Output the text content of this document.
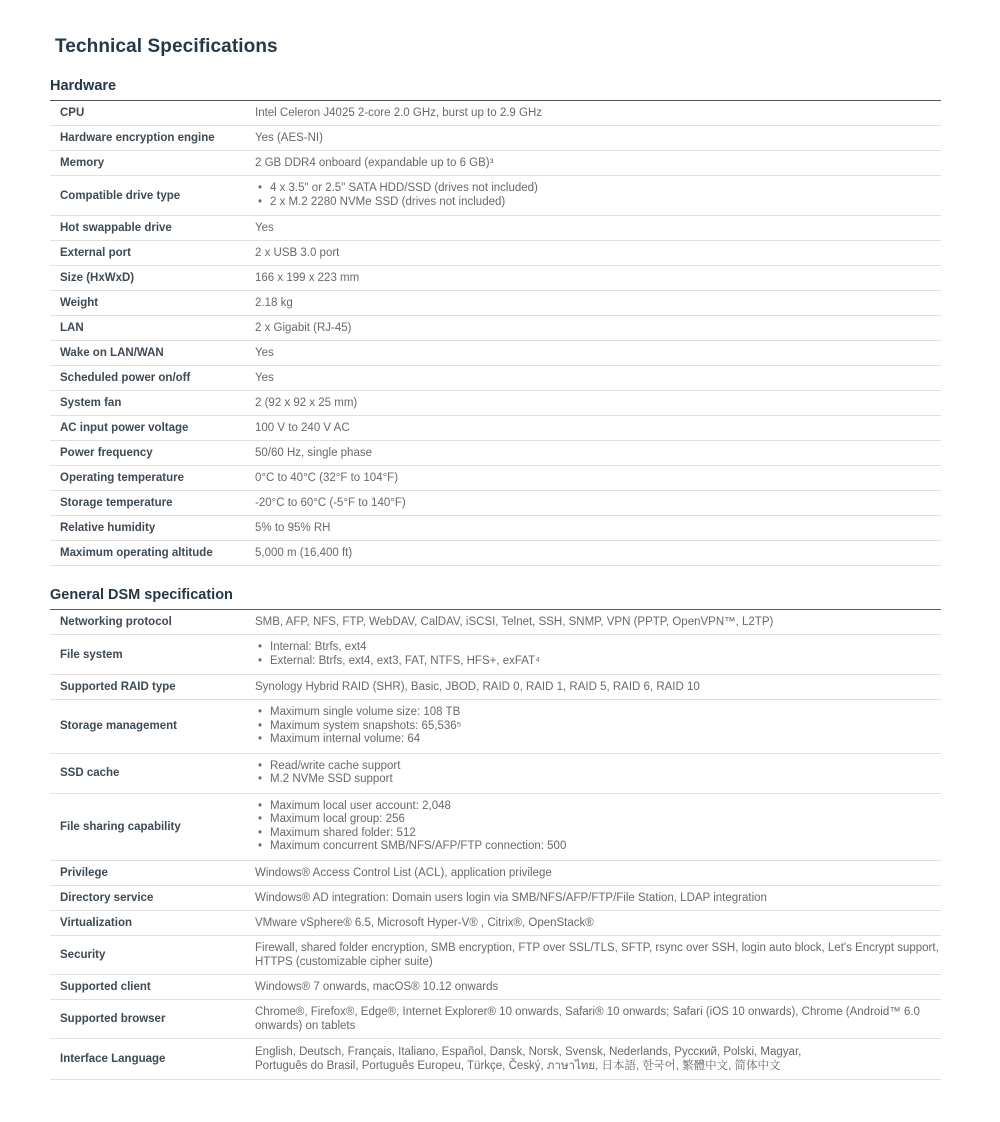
Technical Specifications
Hardware
CPU	Intel Celeron J4025 2-core 2.0 GHz, burst up to 2.9 GHz
Hardware encryption engine	Yes (AES-NI)
Memory	2 GB DDR4 onboard (expandable up to 6 GB)³
Compatible drive type	
• 4 x 3.5" or 2.5" SATA HDD/SSD (drives not included)
• 2 x M.2 2280 NVMe SSD (drives not included)

Hot swappable drive	Yes
External port	2 x USB 3.0 port
Size (HxWxD)	166 x 199 x 223 mm
Weight	2.18 kg
LAN	2 x Gigabit (RJ-45)
Wake on LAN/WAN	Yes
Scheduled power on/off	Yes
System fan	2 (92 x 92 x 25 mm)
AC input power voltage	100 V to 240 V AC
Power frequency	50/60 Hz, single phase
Operating temperature	0°C to 40°C (32°F to 104°F)
Storage temperature	-20°C to 60°C (-5°F to 140°F)
Relative humidity	5% to 95% RH
Maximum operating altitude	5,000 m (16,400 ft)
General DSM specification
Networking protocol	SMB, AFP, NFS, FTP, WebDAV, CalDAV, iSCSI, Telnet, SSH, SNMP, VPN (PPTP, OpenVPN™, L2TP)
File system	
• Internal: Btrfs, ext4
• External: Btrfs, ext4, ext3, FAT, NTFS, HFS+, exFAT⁴

Supported RAID type	Synology Hybrid RAID (SHR), Basic, JBOD, RAID 0, RAID 1, RAID 5, RAID 6, RAID 10
Storage management	
• Maximum single volume size: 108 TB
• Maximum system snapshots: 65,536⁵
• Maximum internal volume: 64

SSD cache	
• Read/write cache support
• M.2 NVMe SSD support

File sharing capability	
• Maximum local user account: 2,048
• Maximum local group: 256
• Maximum shared folder: 512
• Maximum concurrent SMB/NFS/AFP/FTP connection: 500

Privilege	Windows® Access Control List (ACL), application privilege
Directory service	Windows® AD integration: Domain users login via SMB/NFS/AFP/FTP/File Station, LDAP integration
Virtualization	VMware vSphere® 6.5, Microsoft Hyper-V® , Citrix®, OpenStack®
Security	Firewall, shared folder encryption, SMB encryption, FTP over SSL/TLS, SFTP, rsync over SSH, login auto block, Let's Encrypt support, HTTPS (customizable cipher suite)
Supported client	Windows® 7 onwards, macOS® 10.12 onwards
Supported browser	Chrome®, Firefox®, Edge®, Internet Explorer® 10 onwards, Safari® 10 onwards; Safari (iOS 10 onwards), Chrome (Android™ 6.0 onwards) on tablets
Interface Language	English, Deutsch, Français, Italiano, Español, Dansk, Norsk, Svensk, Nederlands, Русский, Polski, Magyar,
Português do Brasil, Português Europeu, Türkçe, Český, ภาษาไทย, 日本語, 한국어, 繁體中文, 简体中文
